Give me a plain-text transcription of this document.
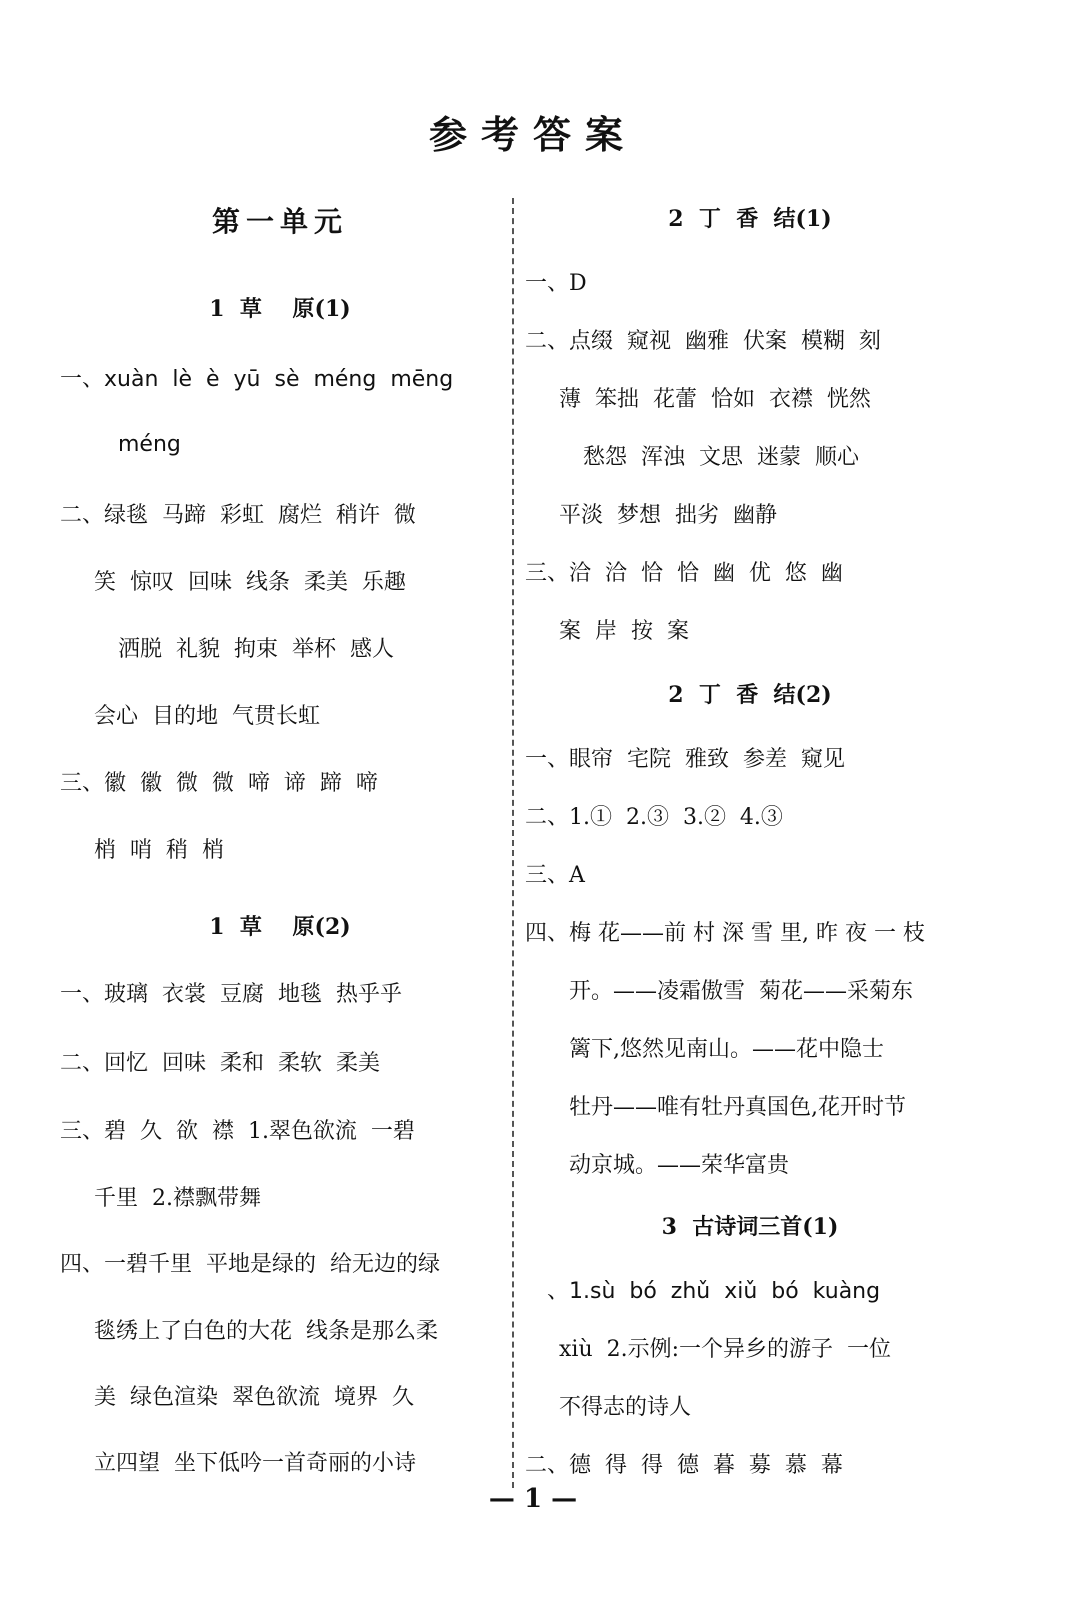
参考答案
第一单元
1  草    原(1)
一、xuàn  lè  è  yū  sè  méng  mēng
méng
二、绿毯  马蹄  彩虹  腐烂  稍许  微
笑  惊叹  回味  线条  柔美  乐趣
洒脱  礼貌  拘束  举杯  感人
会心  目的地  气贯长虹
三、徽  徽  微  微  啼  谛  蹄  啼
梢  哨  稍  梢
1  草    原(2)
一、玻璃  衣裳  豆腐  地毯  热乎乎
二、回忆  回味  柔和  柔软  柔美
三、碧  久  欲  襟  1.翠色欲流  一碧
千里  2.襟飘带舞
四、一碧千里  平地是绿的  给无边的绿
毯绣上了白色的大花  线条是那么柔
美  绿色渲染  翠色欲流  境界  久
立四望  坐下低吟一首奇丽的小诗
2  丁  香  结(1)
一、D
二、点缀  窥视  幽雅  伏案  模糊  刻
薄  笨拙  花蕾  恰如  衣襟  恍然
愁怨  浑浊  文思  迷蒙  顺心
平淡  梦想  拙劣  幽静
三、洽  洽  恰  恰  幽  优  悠  幽
案  岸  按  案
2  丁  香  结(2)
一、眼帘  宅院  雅致  参差  窥见
二、1.①  2.③  3.②  4.③
三、A
四、梅 花——前 村 深 雪 里, 昨 夜 一 枝
开。——凌霜傲雪  菊花——采菊东
篱下,悠然见南山。——花中隐士
牡丹——唯有牡丹真国色,花开时节
动京城。——荣华富贵
3  古诗词三首(1)
、1.sù  bó  zhǔ  xiǔ  bó  kuàng
xiù  2.示例:一个异乡的游子  一位
不得志的诗人
二、德  得  得  德  暮  募  慕  幕
— 1 —
